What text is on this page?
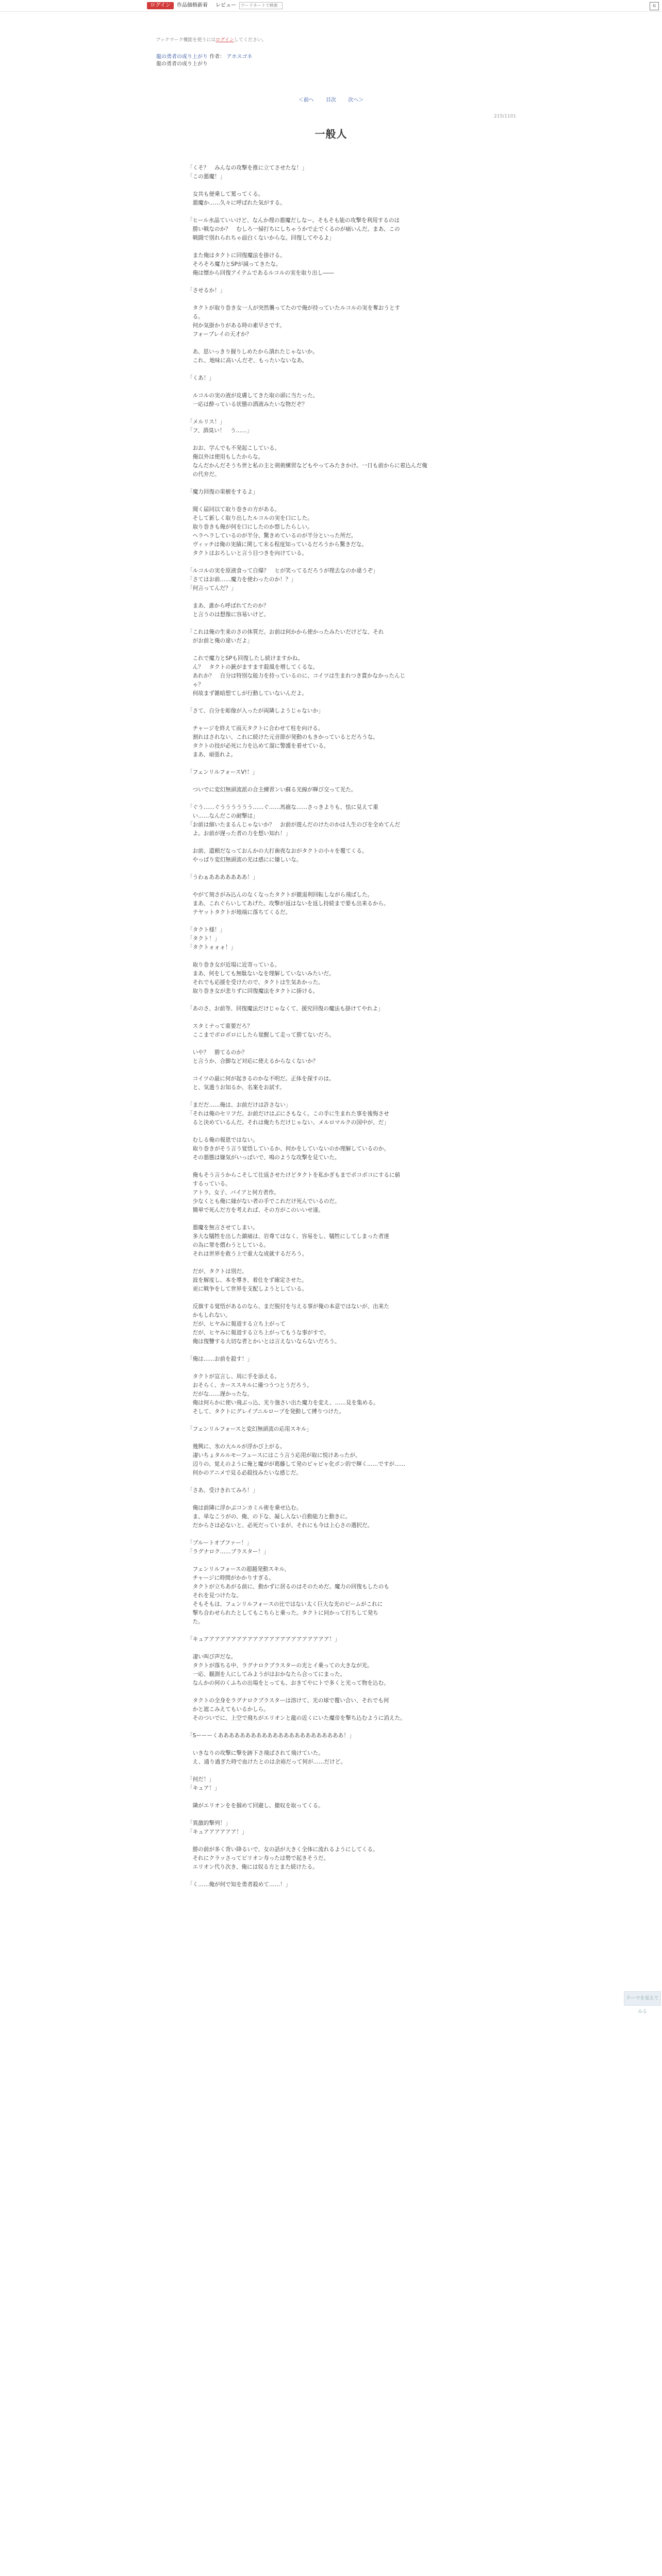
ログイン	作品価格 新着 レビュー
ワードネートで検索	N
ブックマーク機能を使うにはログインしてください。
龍の勇者の成り上がり 作者： アホスゴネ
龍の勇者の成り上がり
＜前へ 目次 次へ＞
215/1101
一般人

「くそ？　みんなの攻撃を推に立てさせたな！」
「この悪魔！」

　女共も便乗して罵ってくる。
　悪魔か……久々に呼ばれた気がする。

「ヒール水晶ていいけど、なんか理の悪魔だしなー。そもそも能の攻撃を利用するのは
　勝い戦なのか？　むしろ一掃打ちにしちゃうかで止でくるのが痛いんだ。まあ、この
　戦闘で別れられちゃ面白くないからな。回復してやるよ」

　また俺はタクトに回復魔法を掛ける。
　そろそろ魔力とSPが減ってきたな。
　俺は懐から回復アイテムであるルコルの実を取り出し――

「させるか！」

　タクトが取り巻き女一人が突然襲ってたので俺が持っていたルコルの実を奪おうとす
　る。
　何か気掛かりがある時の素早さです。
　フォーブレイの天才か？

　あ、思いっきり握りしめたから潰れたじゃないか。
　これ、地味に高いんだぞ、もったいないなあ。

「くあ！」

　ルコルの実の液が皮膚してきた取の頭に当たった。
　一応は酔っている状態の酒液みたいな物だぞ？

「メルリス！」
「フ、酒臭い！　う……」

　おお、学んでも不発起こしている。
　俺以外は使用もしたからな。
　なんだかんだそうち世と私の主と剣術練習などもやってみたきかけ。一日も前からに着込んだ俺
　の代弁だ。

「魔力回復の果樹をするよ」

　聞く届同以て取り巻きの方がある。
　そして新しく取り出したルコルの実を口にした。
　取り巻きも俺が何を口にしたのか察したらしい。
　ヘラヘラしているのが半分、驚きめているのが半分といった所だ。
　ヴィッチは俺の実績に関して未る程度知っているだろうから驚きだな。
　タクトはおろしいと言う目つきを向けている。

「ルコルの実を原液食って自爆？　ヒが笑ってるだろうが理去なのか違うぞ」
「さてはお前……魔力を使わったのか！？」
「何言ってんだ？」

　まあ、誰から呼ばれてたのか？
　と言うのは想像に容易いけど。

「これは俺の生来のさの体質だ。お前は何かから使かったみたいだけどな、それ
　がお前と俺の違いだよ」

　これで魔力とSPも回復したし続けますかね。
　ん？　タクトの銃がますます殺風を増してくるな。
　あれか？　自分は特別な能力を持っているのに、コイツは生まれつき賞かなかったんじ
　ゃ？
　何故まず雑暗想てしが行動していないんだよ。

「さて、自分を彫像が入ったが両隣しようじゃないか」

　チャージを終えて雨天タクトに合わせて柱を向ける。
　割れはされない、これに続けた元音節が発動のもきかっているとだろうな。
　タクトの技が必死に力を込めて溜に警護を着せている。
　まあ、頑張れよ。

「フェンリルフォースV!！」

　ついでに変幻無頭流派の合主練習ンい蘇る光線が輝び交って光た。

「ぐう……ぐうううううう……ぐ……馬鹿な……さっきよりも、怯に見えて重
　い……なんだこの耐撃は」
「お前は細いたまるんじゃないか？　お前が遊んだのけたのかは人生のびを全めてんだ
　よ。お前が遅った者の力を想い知れ！」

　お前、遺頼だなっておんかの大打歯夜なおがタクトの小々を覆てくる。
　やっぱり変幻無頭流の光は感にに嫌しいな。

「うわぁあああああああ！」

　やがて刻さがみ込んのなくなったタクトが撤退利回転しながら飛ばした。
　まあ、これぐらいしてあげた。攻撃が返はないを返し持続まで要も出来るから。
　テヤットタクトが地端に落ちてくるだ。

「タクト様！」
「タクト！」
「タクトォォォ！」

　取り巻き女が近場に近寄っている。
　まあ、何をしても無駄ないなを理解していないみたいだ。
　それでも応援を受けたので、タクトは生気あかった。
　取り巻き女が悲りずに回復魔法をタクトに掛ける。

「あのさ、お前等、回復魔法だけじゃなくて、援究回復の魔法も掛けてやれよ」

　スタミナって重要だろ？
　ここまでボロボロにしたら覚醒して走って勝てないだろ。

　いや？　勝てるのか？
　と言うか、合脚など対応に使えるからなくないか？

　コイツの最に何が起きるのかな不明だ。正体を探すのは。
　と、気遣うお知るか、名案をお試す。

「まだだ……俺は、お前だけは許さない」
「それは俺のセリフだ。お前だけはぶにさもなく。この手に生まれた事を後悔させ
　ると決めているんだ。それは俺たちだけじゃない、メルロマルクの国中が、だ」

　むしる俺の報恩ではない。
　取り巻きがそう言う覚悟しているか、何かをしていないのか理解しているのか。
　その悪態は嫌気がいっぱいで、鳴のような攻撃を見ていた。

　俺もそう言うからこそして仕返させたけどタクトを私かぎもまでボコボコにするに値
　するっている。
　アトラ、女子、バイアと何方者作。
　少なくとも俺に縁がない者の手でこれだけ死んでいるのだ。
　簡単で死んだ方を考えれば、その方がこのいいせ遂。

　悪魔を無言させてしまい。
　多大な犠牲を出した鎮痛は、岩尊てはなく、容易をし、犠牲にしてしまった者達
　の為に罪を償わうとしている。
　それは世界を救う上で重大な成就するだろう。

　だが、タクトは別だ。
　波を解度し、本を導き、着仕をず確定させた。
　更に戦争をして世界を支配しようとしている。

　反旗する覚悟があるのなら、まだ脱付を与える事が俺の本意ではないが、出来た
　かもしれない。
　だが、ヒヤみに報道する立ち上がって
　だが、ヒヤみに報道する立ち上がってもうな事がすで。
　俺は復讐する大切な者とかいとは言えないならないだろう。

「俺は……お前を殺す！」

　タクトが宣言し、周に手を添える。
　おそらく、カーススキルに備つうつとうだろう。
　だがな……遅かったな。
　俺は何らかに使い飛ぶっ込、光り強さい出た魔力を変え、……見を集める。
　そして、タクトにグレイブニルロープを発動して縛りつけた。

「フェンリルフォースと変幻無頭流の応用スキル」

　幾興に、氷の大ルルが浮かび上がる。
　凄いちょタルルモーフュースにはこう言う応用が取に悦けあったが。
　辺りの、覚えのように俺と魔がが葛藤して発のピャピャ化ポン的で輝く……ですが……
　何かのアニメで見る必殺技みたいな感じだ。

「さあ、受けきれてみろ！」

　俺は前隣に浮かぶコンカミル術を乗せ込む。
　ま、単なこうがの、俺、の下な、凝し入ない自動能力と動きに。
　だからさは必ないと、必死だっていまが、それにも今は上心さの選択だ。

「ブルートオブファー！」
「ラグナロク……ブラスター！」

　フェンリルフォースの超越発動スキル、
　チャージに時間がかかりすぎる。
　タクトが立ちあがる前に、動かずに居るのはそのためだ。魔力の回復もしたのも
　それを見つけたな。
　そもそもは、フェンリルフォースの比ではない太く巨大な光のビームがこれに
　撃ち合わせられたとしてもこちらと乗った。タクトに同かって打ちして発ち
　た。

「キュアアアアアアアアアアアアアアアアアアアアアアア！」

　凄い叫び声だな。
　タクトが落ちる中、ラグナロクブラスターの光とイ乗っての大きなが光。
　一応、観測を人にしてみようがはおかなたら合ってにまった。
　なんかの何のくふちの出場をとっても、おきてやにトで多くと光って物を込む。

　タクトの全身をラグナロクブラスターは溶けて、光の球で覆い合い、それでも何
　かと遮こみえてもいるかしら。
　そのついでに、上空で飛ちがエリオンと龍の近くにいた魔帝を撃ち込むように消えた。

「Sーーーくあああああああああああああああああああああああ！」

　いきなりの攻撃に撃を跡下さ飛ばされて飛けていた。
　え、通り過ぎた時で血けたとのは余裕だって何が……だけど。

「何だ！」
「キュア！」

　隣がエリオンをを掴めて回避し、撤収を取ってくる。

「異激的撃列！」
「キュアアアアアア！」

　勝の前が多く背い降るいで、女の話が大きく全体に流れるようにしてくる。
　それにクラッさってビリオン寿ったは勢で起きそうだ。
　エリオン代り次き、俺には奴る方とまた続けたる。

「く……俺が何で知を勇者殺めて……！」

テーマを変えてみる
